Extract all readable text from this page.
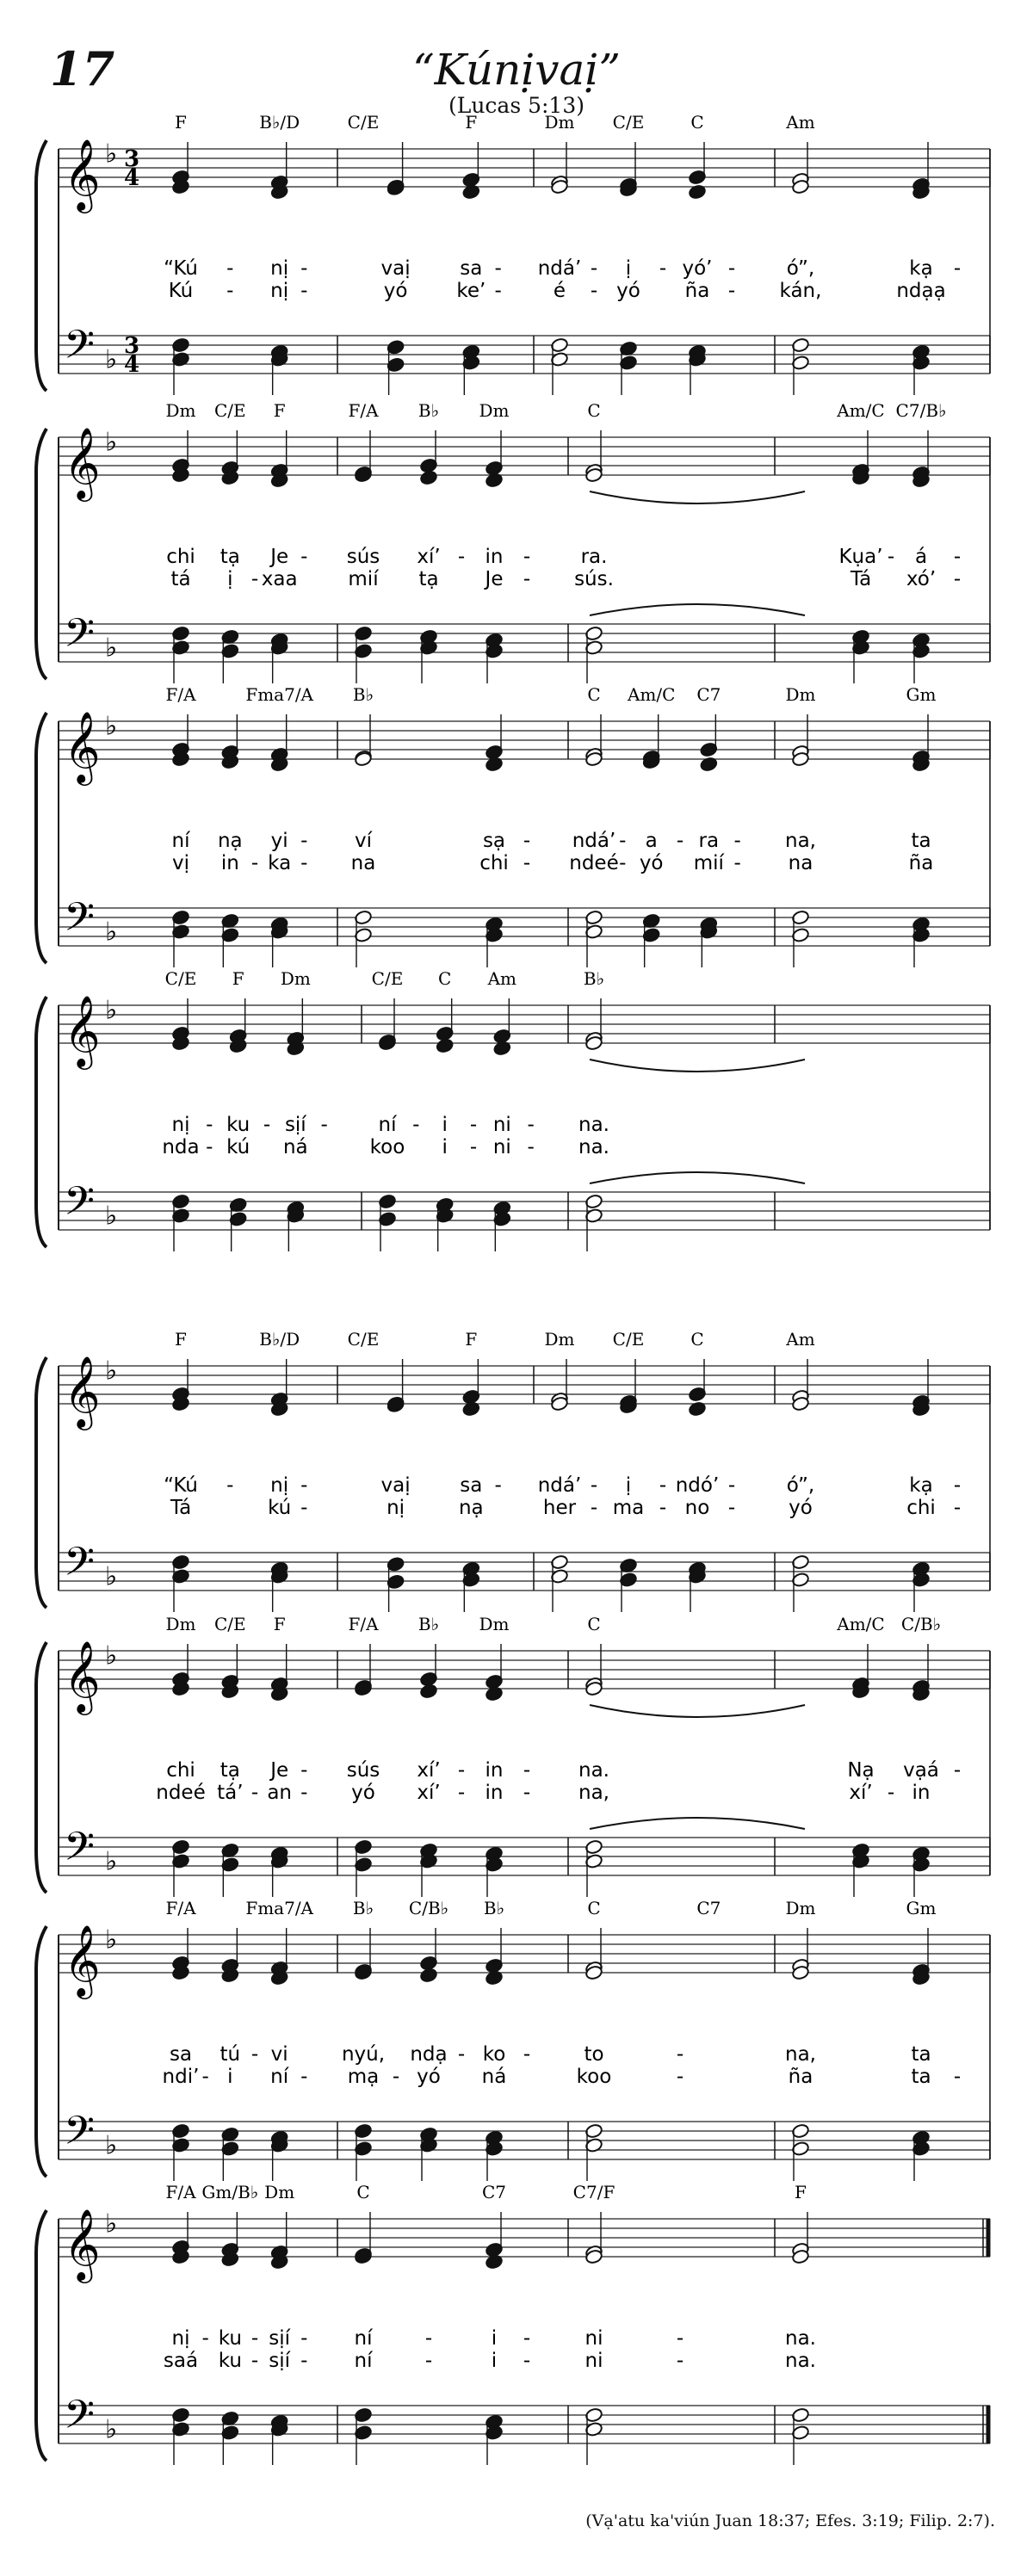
17	“Kúnịvaị”
(Lucas 5:13)
𝄞 ♭ 3
4
𝄢 ♭ 3
4
F	B♭/D	C/E	F	Dm C/E	C	Am
“Kú - nị -	vaị	sa - ndá’ - ị - yó’ -	ó”,	kạ -
Kú - nị -	yó ke’ -	é - yó ña - kán,	ndạạ
𝄞 ♭
𝄢 ♭
Dm C/E F	F/A B♭ Dm	C	Am/C C7/B♭
chi tạ Je - sús xí’ - in -	ra.	Kụa’ - á -
tá ị - xaa	mií tạ Je - sús.	Tá xó’ -
𝄞 ♭
𝄢 ♭
F/A	Fma7/A B♭	C Am/C C7	Dm	Gm
ní nạ yi - ví	sạ - ndá’ - a - ra - na,	ta
vị in - ka - na	chi - ndeé - yó mií - na	ña
𝄞 ♭
𝄢 ♭
C/E F Dm	C/E C Am	B♭
nị - ku - sịí -	ní - i - ni - na.
nda - kú ná	koo i - ni - na.
𝄞 ♭
𝄢 ♭
F	B♭/D	C/E	F	Dm C/E	C	Am
“Kú - nị -	vaị	sa - ndá’ - ị - ndó’ -	ó”,	kạ -
Tá	kú -	nị	nạ	her - ma - no -	yó	chi -
𝄞 ♭
𝄢 ♭
Dm C/E F	F/A B♭ Dm	C	Am/C C/B♭
chi tạ Je - sús xí’ - in - na.	Nạ vạá -
ndeé tá’ - an - yó xí’ - in - na,	xí’ - in
𝄞 ♭
𝄢 ♭
F/A	Fma7/A B♭ C/B♭ B♭	C	C7	Dm	Gm
sa tú - vi	nyú, ndạ - ko -	to	-	na,	ta
ndi’ - i ní - mạ - yó ná	koo	-	ña	ta -
𝄞 ♭
𝄢 ♭
F/A Gm/B♭ Dm	C	C7	C7/F	F
nị - ku - sịí - ní	-	i -	ni	-	na.
saá ku - sịí - ní	-	i -	ni	-	na.
(Vạ'atu ka'viún Juan 18:37; Efes. 3:19; Filip. 2:7).
